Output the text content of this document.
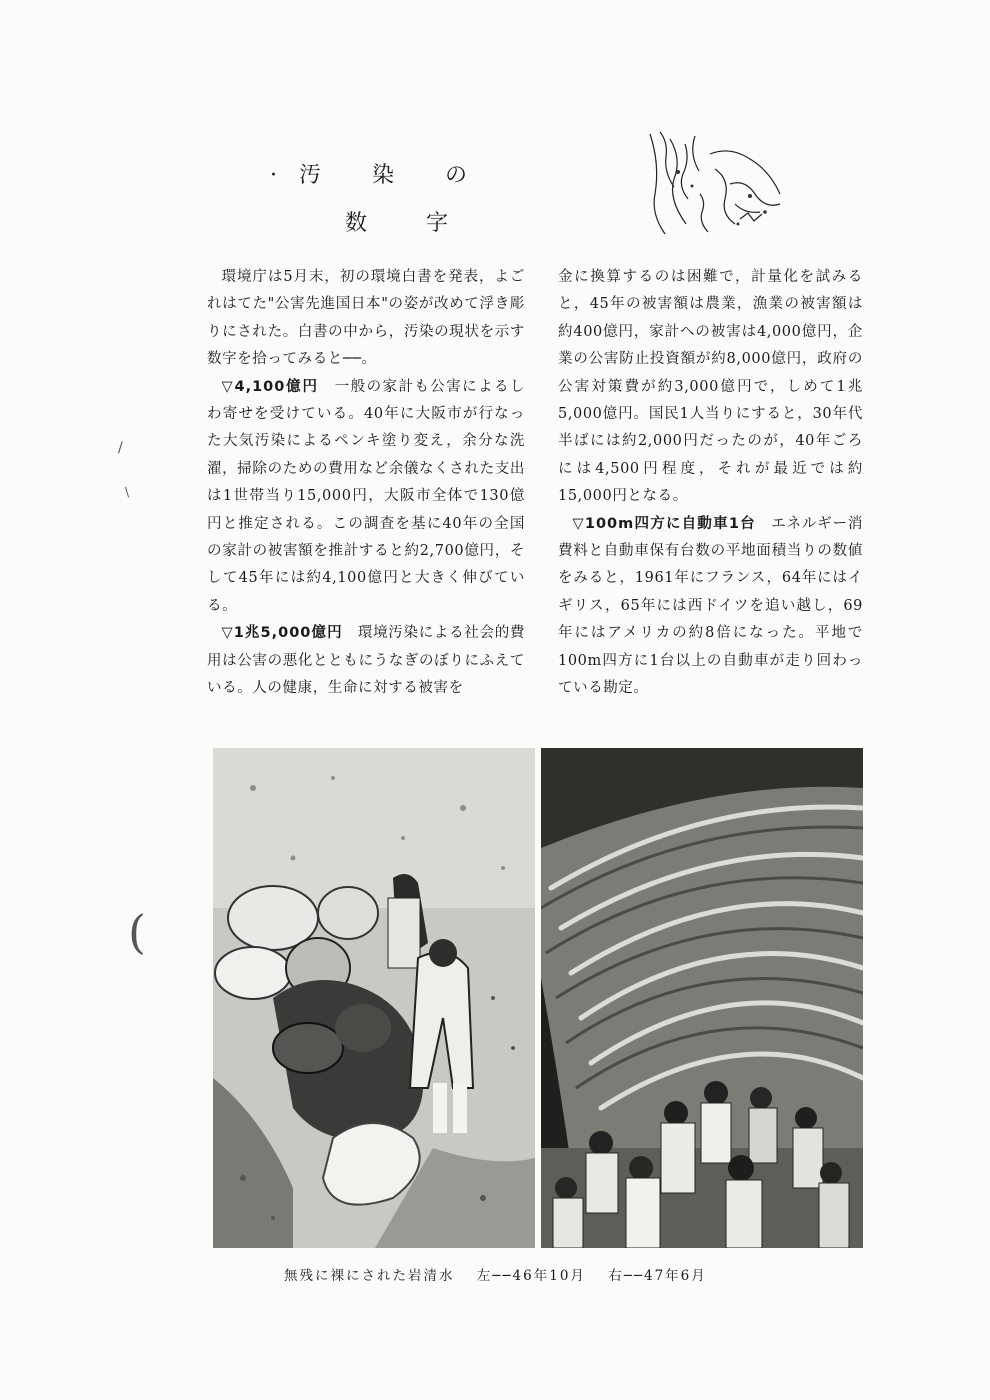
·汚 染 の
数 字

環境庁は5月末，初の環境白書を発表，よごれはてた"公害先進国日本"の姿が改めて浮き彫りにされた。白書の中から，汚染の現状を示す数字を拾ってみると──。

▽4,100億円　 一般の家計も公害によるしわ寄せを受けている。40年に大阪市が行なった大気汚染によるペンキ塗り変え，余分な洗濯，掃除のための費用など余儀なくされた支出は1世帯当り15,000円，大阪市全体で130億円と推定される。この調査を基に40年の全国の家計の被害額を推計すると約2,700億円，そして45年には約4,100億円と大きく伸びている。

▽1兆5,000億円　 環境汚染による社会的費用は公害の悪化とともにうなぎのぼりにふえている。人の健康，生命に対する被害を

金に換算するのは困難で，計量化を試みると，45年の被害額は農業，漁業の被害額は約400億円，家計への被害は4,000億円，企業の公害防止投資額が約8,000億円，政府の公害対策費が約3,000億円で，しめて1兆5,000億円。国民1人当りにすると，30年代半ばには約2,000円だったのが，40年ごろには4,500円程度，それが最近では約15,000円となる。

▽100m四方に自動車1台　 エネルギー消費料と自動車保有台数の平地面積当りの数値をみると，1961年にフランス，64年にはイギリス，65年には西ドイツを追い越し，69年にはアメリカの約8倍になった。平地で100m四方に1台以上の自動車が走り回わっている勘定。

無残に裸にされた岩清水 左──46年10月 右──47年6月
(
/
\
